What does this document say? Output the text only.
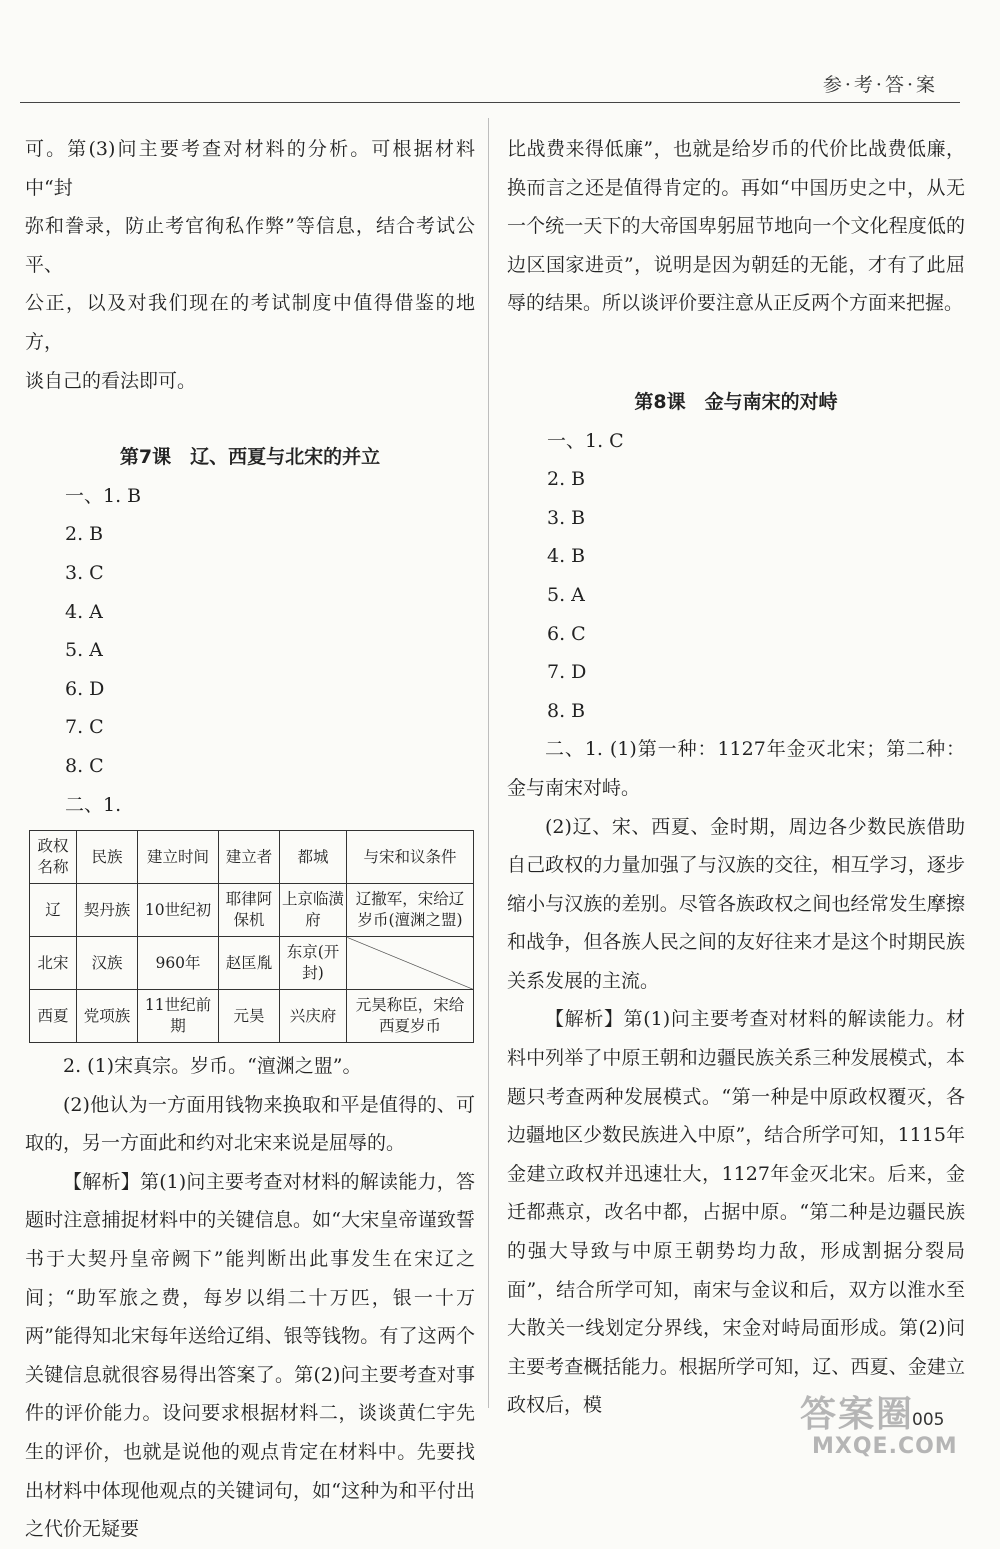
参·考·答·案

可。第(3)问主要考查对材料的分析。可根据材料中“封

弥和誊录，防止考官徇私作弊”等信息，结合考试公平、

公正，以及对我们现在的考试制度中值得借鉴的地方，

谈自己的看法即可。

第7课　辽、西夏与北宋的并立

一、1. B

2. B

3. C

4. A

5. A

6. D

7. C

8. C

二、1.

政权名称	民族	建立时间	建立者	都城	与宋和议条件
辽	契丹族	10世纪初	耶律阿保机	上京临潢府	辽撤军，宋给辽岁币(澶渊之盟)
北宋	汉族	960年	赵匡胤	东京(开封)	
西夏	党项族	11世纪前期	元昊	兴庆府	元昊称臣，宋给西夏岁币

2. (1)宋真宗。岁币。“澶渊之盟”。

(2)他认为一方面用钱物来换取和平是值得的、可取的，另一方面此和约对北宋来说是屈辱的。

【解析】第(1)问主要考查对材料的解读能力，答题时注意捕捉材料中的关键信息。如“大宋皇帝谨致誓书于大契丹皇帝阙下”能判断出此事发生在宋辽之间；“助军旅之费，每岁以绢二十万匹，银一十万两”能得知北宋每年送给辽绢、银等钱物。有了这两个关键信息就很容易得出答案了。第(2)问主要考查对事件的评价能力。设问要求根据材料二，谈谈黄仁宇先生的评价，也就是说他的观点肯定在材料中。先要找出材料中体现他观点的关键词句，如“这种为和平付出之代价无疑要

比战费来得低廉”，也就是给岁币的代价比战费低廉，换而言之还是值得肯定的。再如“中国历史之中，从无一个统一天下的大帝国卑躬屈节地向一个文化程度低的边区国家进贡”，说明是因为朝廷的无能，才有了此屈辱的结果。所以谈评价要注意从正反两个方面来把握。

第8课　金与南宋的对峙

一、1. C

2. B

3. B

4. B

5. A

6. C

7. D

8. B

二、1. (1)第一种：1127年金灭北宋；第二种：金与南宋对峙。

(2)辽、宋、西夏、金时期，周边各少数民族借助自己政权的力量加强了与汉族的交往，相互学习，逐步缩小与汉族的差别。尽管各族政权之间也经常发生摩擦和战争，但各族人民之间的友好往来才是这个时期民族关系发展的主流。

【解析】第(1)问主要考查对材料的解读能力。材料中列举了中原王朝和边疆民族关系三种发展模式，本题只考查两种发展模式。“第一种是中原政权覆灭，各边疆地区少数民族进入中原”，结合所学可知，1115年金建立政权并迅速壮大，1127年金灭北宋。后来，金迁都燕京，改名中都，占据中原。“第二种是边疆民族的强大导致与中原王朝势均力敌，形成割据分裂局面”，结合所学可知，南宋与金议和后，双方以淮水至大散关一线划定分界线，宋金对峙局面形成。第(2)问主要考查概括能力。根据所学可知，辽、西夏、金建立政权后，模

005
答案圈
MXQE.COM
